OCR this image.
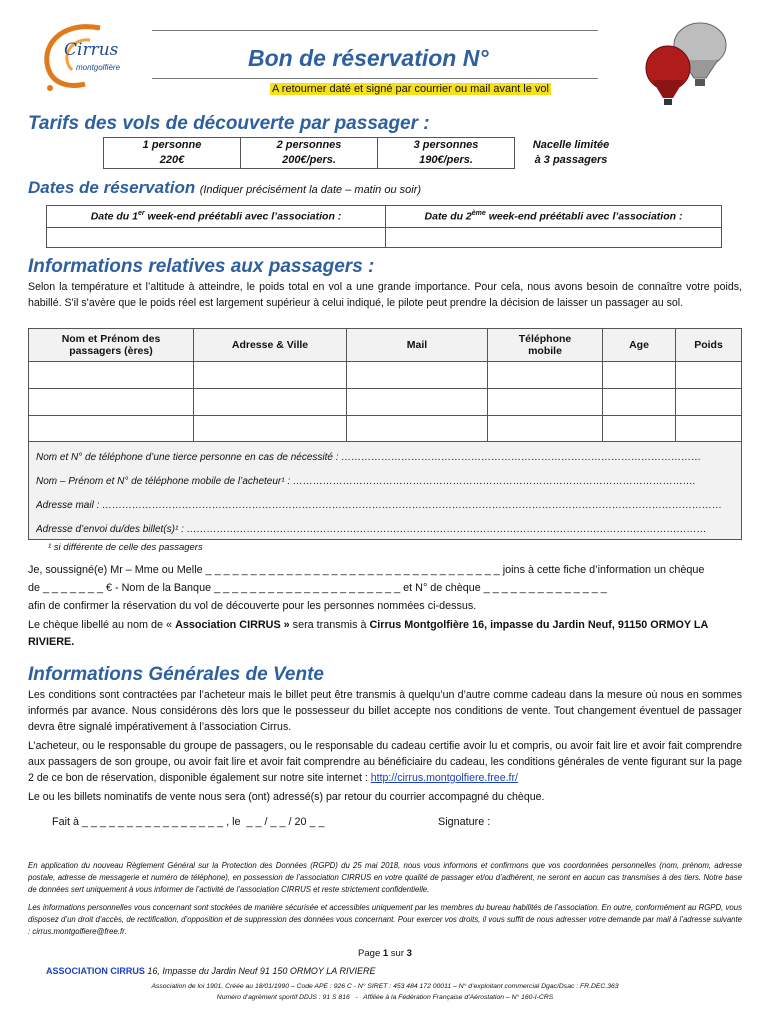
Cirrus
montgolfière	Bon de réservation N°
A retourner daté et signé par courrier ou mail avant le vol
Tarifs des vols de découverte par passager :
1 personne
220€

2 personnes
200€/pers.

3 personnes
190€/pers.

Nacelle limitée
à 3 passagers
Dates de réservation (Indiquer précisément la date – matin ou soir)
Date du 1er week-end préétabli avec l’association :	Date du 2ème week-end préétabli avec l’association :

Informations relatives aux passagers :
Selon la température et l’altitude à atteindre, le poids total en vol a une grande importance. Pour cela, nous avons besoin de connaître votre poids, habillé. S'il s’avère que le poids réel est largement supérieur à celui indiqué, le pilote peut prendre la décision de laisser un passager au sol.
Nom et Prénom des passagers (ères)	Adresse & Ville	Mail	Téléphone mobile	Age	Poids

Nom et N° de téléphone d’une tierce personne en cas de nécessité : ………………………………………………………………………………………………
Nom – Prénom et N° de téléphone mobile de l’acheteur¹ : ………………………………………………………………………………………………………….
Adresse mail : ……………………………………………………………………………………………………………………………………………………………………
Adresse d’envoi du/des billet(s)¹ : …………………………………………………………………………………………………………………………………………
¹ si différente de celle des passagers
Je, soussigné(e) Mr – Mme ou Melle _ _ _ _ _ _ _ _ _ _ _ _ _ _ _ _ _ _ _ _ _ _ _ _ _ _ _ _ _ _ _ _ _ joins à cette fiche d’information un chèque
de _ _ _ _ _ _ _ € - Nom de la Banque _ _ _ _ _ _ _ _ _ _ _ _ _ _ _ _ _ _ _ _ _ et N° de chèque _ _ _ _ _ _ _ _ _ _ _ _ _ _
afin de confirmer la réservation du vol de découverte pour les personnes nommées ci-dessus.
Le chèque libellé au nom de « Association CIRRUS » sera transmis à Cirrus Montgolfière 16, impasse du Jardin Neuf, 91150 ORMOY LA RIVIERE.
Informations Générales de Vente
Les conditions sont contractées par l’acheteur mais le billet peut être transmis à quelqu’un d’autre comme cadeau dans la mesure où nous en sommes informés par avance. Nous considérons dès lors que le possesseur du billet accepte nos conditions de vente. Tout changement éventuel de passager devra être signalé impérativement à l’association Cirrus.
L’acheteur, ou le responsable du groupe de passagers, ou le responsable du cadeau certifie avoir lu et compris, ou avoir fait lire et avoir fait comprendre aux passagers de son groupe, ou avoir fait lire et avoir fait comprendre au bénéficiaire du cadeau, les conditions générales de vente figurant sur la page 2 de ce bon de réservation, disponible également sur notre site internet : http://cirrus.montgolfiere.free.fr/
Le ou les billets nominatifs de vente nous sera (ont) adressé(s) par retour du courrier accompagné du chèque.
Fait à _ _ _ _ _ _ _ _ _ _ _ _ _ _ _ _ , le  _ _ / _ _ / 20 _ _	Signature :
En application du nouveau Règlement Général sur la Protection des Données (RGPD) du 25 mai 2018, nous vous informons et confirmons que vos coordonnées personnelles (nom, prénom, adresse postale, adresse de messagerie et numéro de téléphone), en possession de l’association CIRRUS en votre qualité de passager et/ou d’adhérent, ne seront en aucun cas transmises à des tiers. Notre base de données sert uniquement à vous informer de l’activité de l’association CIRRUS et reste strictement confidentielle.
Les informations personnelles vous concernant sont stockées de manière sécurisée et accessibles uniquement par les membres du bureau habilités de l’association. En outre, conformément au RGPD, vous disposez d’un droit d’accès, de rectification, d’opposition et de suppression des données vous concernant. Pour exercer vos droits, il vous suffit de nous adresser votre demande par mail à l’adresse suivante : cirrus.montgolfiere@free.fr.
Page 1 sur 3
ASSOCIATION CIRRUS 16, Impasse du Jardin Neuf 91 150 ORMOY LA RIVIERE
Association de loi 1901, Créée au 18/01/1990 – Code APE : 926 C - N° SIRET : 453 484 172 00011 – N° d’exploitant commercial Dgac/Dsac : FR.DEC.363
Numéro d’agrément sportif DDJS : 91 S 816   -   Affiliée à la Fédération Française d’Aérostation – N° 160-I-CRS
